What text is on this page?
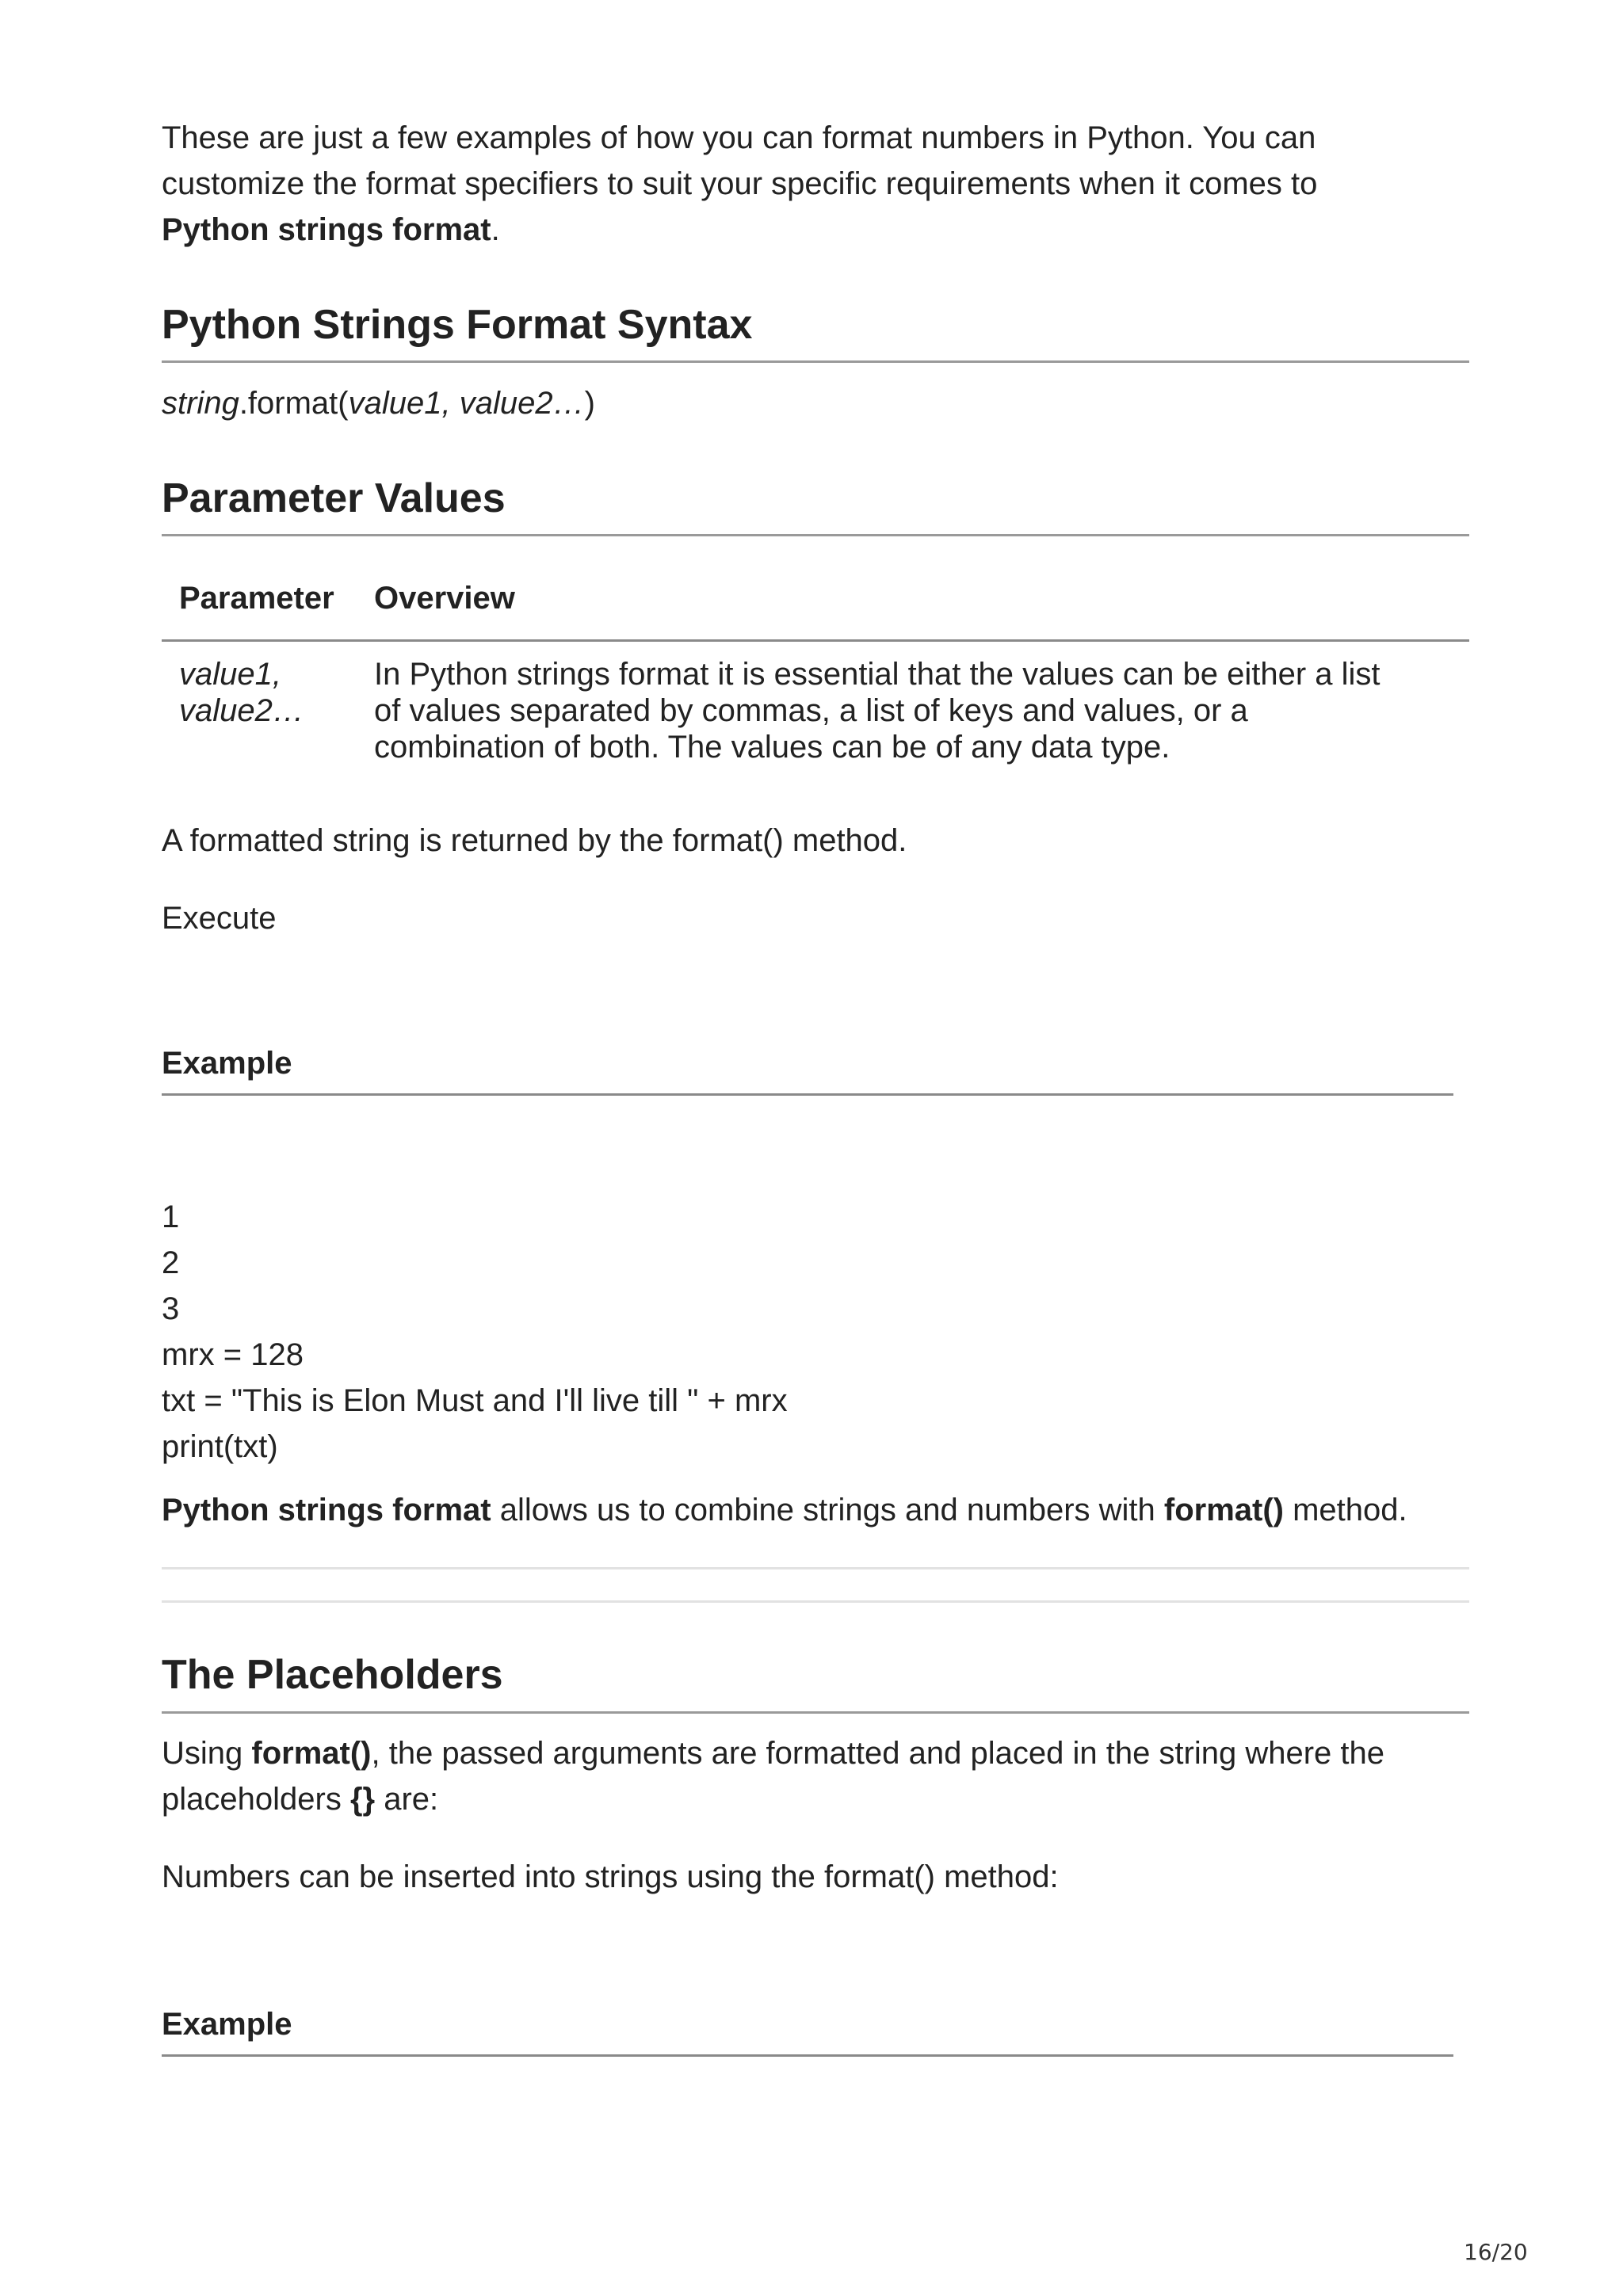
These are just a few examples of how you can format numbers in Python. You can

customize the format specifiers to suit your specific requirements when it comes to

Python strings format.

Python Strings Format Syntax

string.format(value1, value2…)

Parameter Values
Parameter Overview
value1,
value2…
In Python strings format it is essential that the values can be either a list
of values separated by commas, a list of keys and values, or a
combination of both. The values can be of any data type.

A formatted string is returned by the format() method.

Execute

Example
1
2
3
mrx = 128
txt = "This is Elon Must and I'll live till " + mrx
print(txt)

Python strings format allows us to combine strings and numbers with format() method.

The Placeholders

Using format(), the passed arguments are formatted and placed in the string where the

placeholders {} are:

Numbers can be inserted into strings using the format() method:

Example
16/20
